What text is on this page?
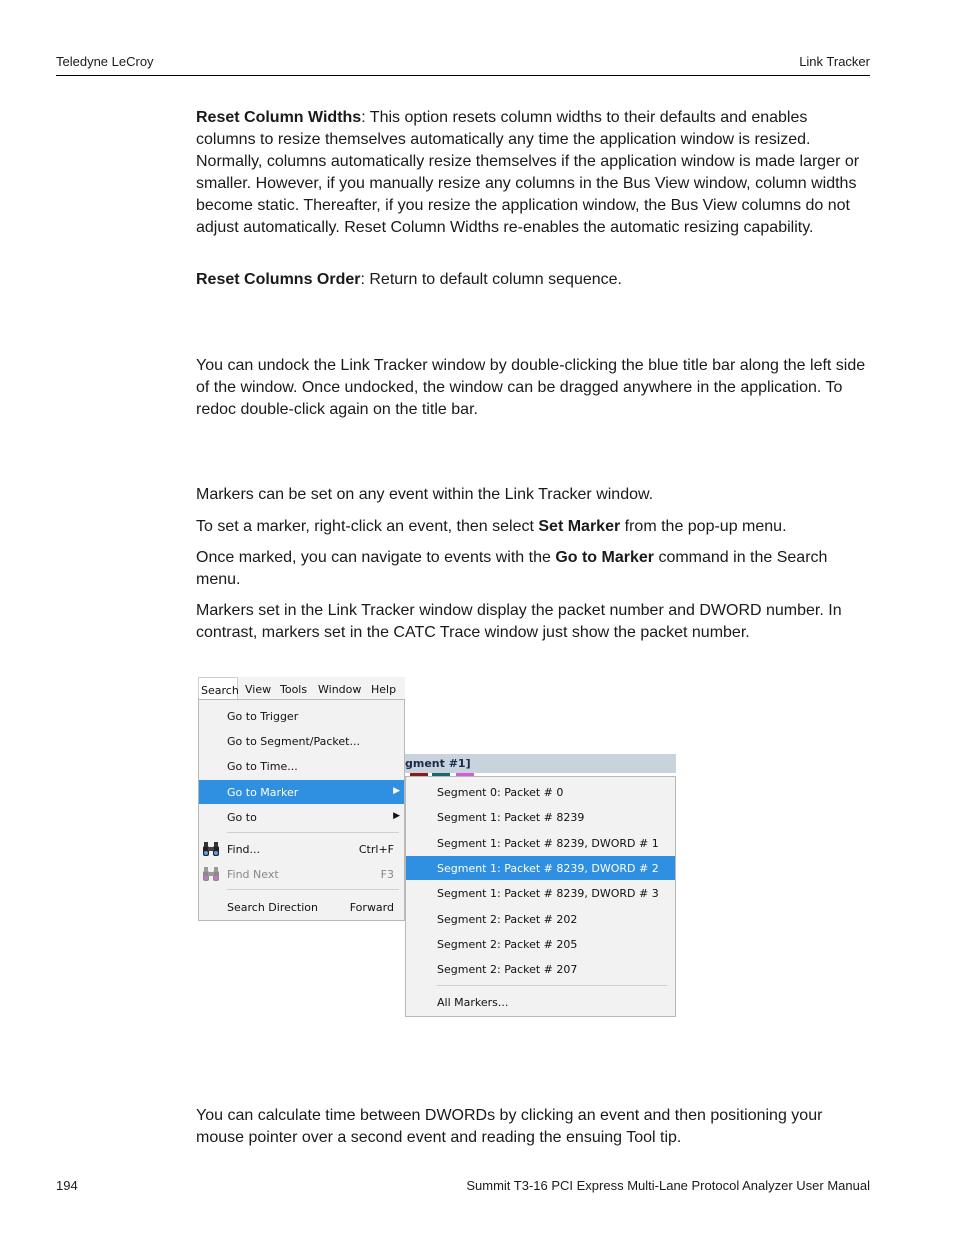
Teledyne LeCroy	Link Tracker

Reset Column Widths: This option resets column widths to their defaults and enables columns to resize themselves automatically any time the application window is resized. Normally, columns automatically resize themselves if the application window is made larger or smaller. However, if you manually resize any columns in the Bus View window, column widths become static. Thereafter, if you resize the application window, the Bus View columns do not adjust automatically. Reset Column Widths re-enables the automatic resizing capability.

Reset Columns Order: Return to default column sequence.

You can undock the Link Tracker window by double-clicking the blue title bar along the left side of the window. Once undocked, the window can be dragged anywhere in the application. To redoc double-click again on the title bar.

Markers can be set on any event within the Link Tracker window.

To set a marker, right-click an event, then select Set Marker from the pop-up menu.

Once marked, you can navigate to events with the Go to Marker command in the Search menu.

Markers set in the Link Tracker window display the packet number and DWORD number. In contrast, markers set in the CATC Trace window just show the packet number.

Search View Tools Window Help
Go to Trigger
Go to Segment/Packet...
Go to Time...
Go to Marker	▶
Go to	▶
Find...	Ctrl+F
Find Next	F3
Search Direction	Forward
gment #1]
Segment 0: Packet # 0
Segment 1: Packet # 8239
Segment 1: Packet # 8239, DWORD # 1
Segment 1: Packet # 8239, DWORD # 2
Segment 1: Packet # 8239, DWORD # 3
Segment 2: Packet # 202
Segment 2: Packet # 205
Segment 2: Packet # 207
All Markers...

You can calculate time between DWORDs by clicking an event and then positioning your mouse pointer over a second event and reading the ensuing Tool tip.

194	Summit T3-16 PCI Express Multi-Lane Protocol Analyzer User Manual
